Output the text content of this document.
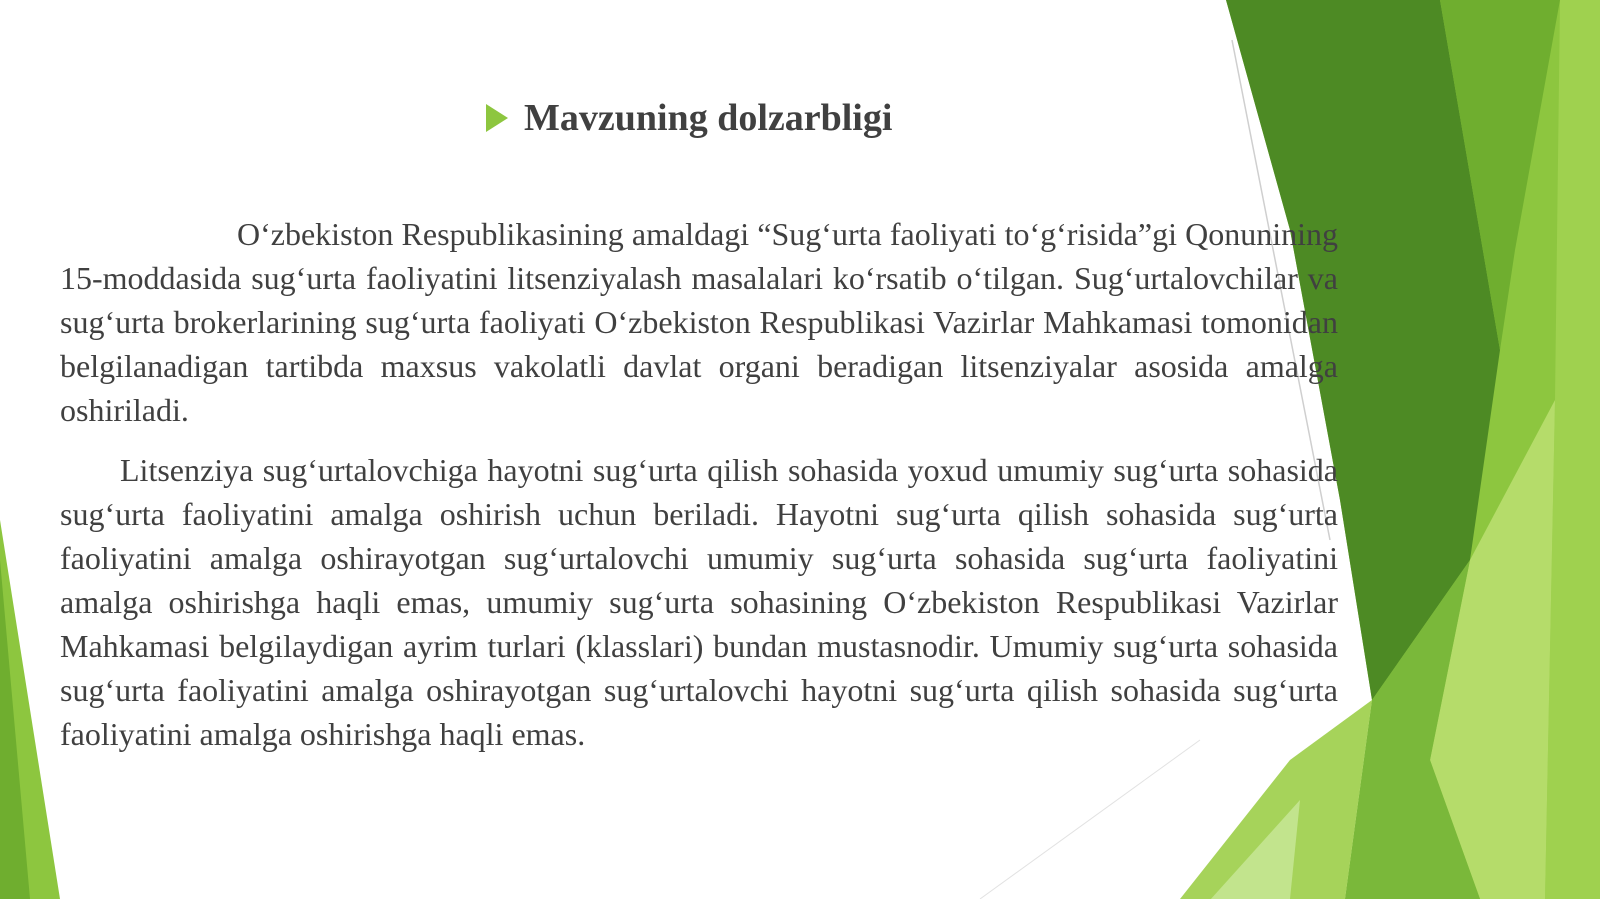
Mavzuning dolzarbligi

O‘zbekiston Respublikasining amaldagi “Sug‘urta faoliyati to‘g‘risida”gi Qonunining 15-moddasida sug‘urta faoliyatini litsenziyalash masalalari ko‘rsatib o‘tilgan. Sug‘urtalovchilar va sug‘urta brokerlarining sug‘urta faoliyati O‘zbekiston Respublikasi Vazirlar Mahkamasi tomonidan belgilanadigan tartibda maxsus vakolatli davlat organi beradigan litsenziyalar asosida amalga oshiriladi.

Litsenziya sug‘urtalovchiga hayotni sug‘urta qilish sohasida yoxud umumiy sug‘urta sohasida sug‘urta faoliyatini amalga oshirish uchun beriladi. Hayotni sug‘urta qilish sohasida sug‘urta faoliyatini amalga oshirayotgan sug‘urtalovchi umumiy sug‘urta sohasida sug‘urta faoliyatini amalga oshirishga haqli emas, umumiy sug‘urta sohasining O‘zbekiston Respublikasi Vazirlar Mahkamasi belgilaydigan ayrim turlari (klasslari) bundan mustasnodir. Umumiy sug‘urta sohasida sug‘urta faoliyatini amalga oshirayotgan sug‘urtalovchi hayotni sug‘urta qilish sohasida sug‘urta faoliyatini amalga oshirishga haqli emas.
